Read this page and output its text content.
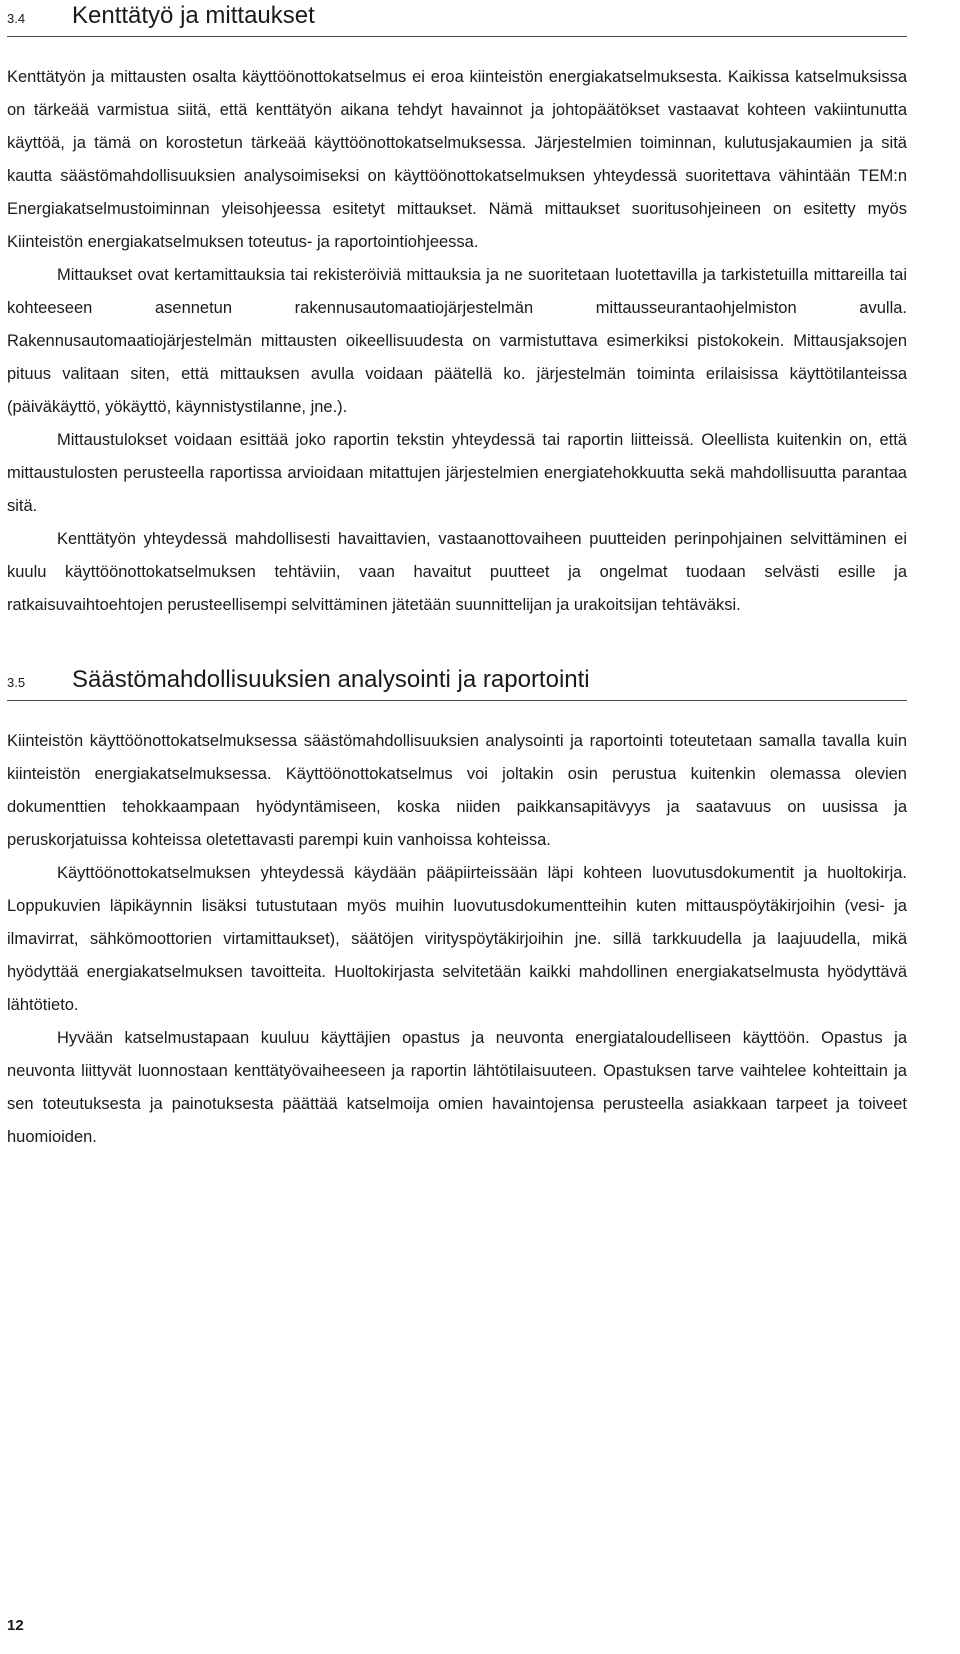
3.4	Kenttätyö ja mittaukset

Kenttätyön ja mittausten osalta käyttöönottokatselmus ei eroa kiinteistön energiakatselmuksesta. Kaikissa katselmuksissa on tärkeää varmistua siitä, että kenttätyön aikana tehdyt havainnot ja johtopäätökset vastaavat kohteen vakiintunutta käyttöä, ja tämä on korostetun tärkeää käyttöönottokatselmuksessa. Järjestelmien toiminnan, kulutusjakaumien ja sitä kautta säästömahdollisuuksien analysoimiseksi on käyttöönottokatselmuksen yhteydessä suoritettava vähintään TEM:n Energiakatselmustoiminnan yleisohjeessa esitetyt mittaukset. Nämä mittaukset suoritusohjeineen on esitetty myös Kiinteistön energiakatselmuksen toteutus- ja raportointiohjeessa.

Mittaukset ovat kertamittauksia tai rekisteröiviä mittauksia ja ne suoritetaan luotettavilla ja tarkistetuilla mittareilla tai kohteeseen asennetun rakennusautomaatiojärjestelmän mittausseurantaohjelmiston avulla. Rakennusautomaatiojärjestelmän mittausten oikeellisuudesta on varmistuttava esimerkiksi pistokokein. Mittausjaksojen pituus valitaan siten, että mittauksen avulla voidaan päätellä ko. järjestelmän toiminta erilaisissa käyttötilanteissa (päiväkäyttö, yökäyttö, käynnistystilanne, jne.).

Mittaustulokset voidaan esittää joko raportin tekstin yhteydessä tai raportin liitteissä. Oleellista kuitenkin on, että mittaustulosten perusteella raportissa arvioidaan mitattujen järjestelmien energiatehokkuutta sekä mahdollisuutta parantaa sitä.

Kenttätyön yhteydessä mahdollisesti havaittavien, vastaanottovaiheen puutteiden perinpohjainen selvittäminen ei kuulu käyttöönottokatselmuksen tehtäviin, vaan havaitut puutteet ja ongelmat tuodaan selvästi esille ja ratkaisuvaihtoehtojen perusteellisempi selvittäminen jätetään suunnittelijan ja urakoitsijan tehtäväksi.

3.5	Säästömahdollisuuksien analysointi ja raportointi

Kiinteistön käyttöönottokatselmuksessa säästömahdollisuuksien analysointi ja raportointi toteutetaan samalla tavalla kuin kiinteistön energiakatselmuksessa. Käyttöönottokatselmus voi joltakin osin perustua kuitenkin olemassa olevien dokumenttien tehokkaampaan hyödyntämiseen, koska niiden paikkansapitävyys ja saatavuus on uusissa ja peruskorjatuissa kohteissa oletettavasti parempi kuin vanhoissa kohteissa.

Käyttöönottokatselmuksen yhteydessä käydään pääpiirteissään läpi kohteen luovutusdokumentit ja huoltokirja. Loppukuvien läpikäynnin lisäksi tutustutaan myös muihin luovutusdokumentteihin kuten mittauspöytäkirjoihin (vesi- ja ilmavirrat, sähkömoottorien virtamittaukset), säätöjen virityspöytäkirjoihin jne. sillä tarkkuudella ja laajuudella, mikä hyödyttää energiakatselmuksen tavoitteita. Huoltokirjasta selvitetään kaikki mahdollinen energiakatselmusta hyödyttävä lähtötieto.

Hyvään katselmustapaan kuuluu käyttäjien opastus ja neuvonta energiataloudelliseen käyttöön. Opastus ja neuvonta liittyvät luonnostaan kenttätyövaiheeseen ja raportin lähtötilaisuuteen. Opastuksen tarve vaihtelee kohteittain ja sen toteutuksesta ja painotuksesta päättää katselmoija omien havaintojensa perusteella asiakkaan tarpeet ja toiveet huomioiden.

12
